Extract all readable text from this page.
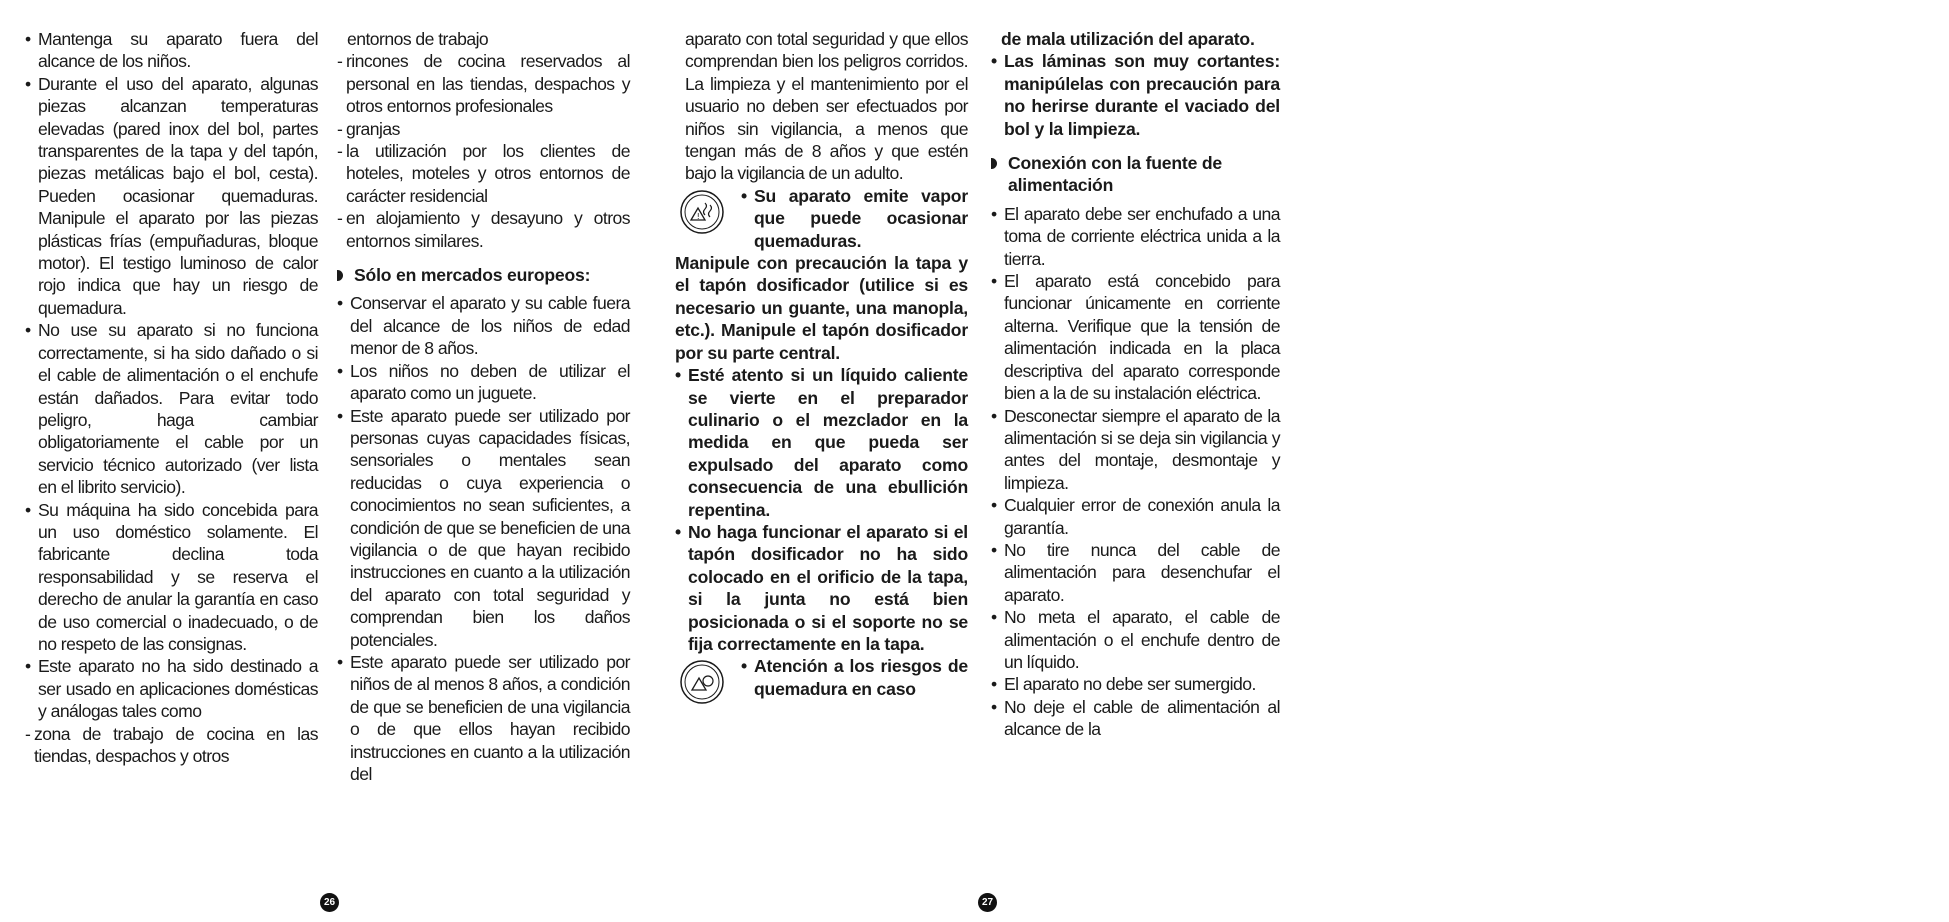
• Mantenga su aparato fuera del alcance de los niños.

• Durante el uso del aparato, algunas piezas alcanzan temperaturas elevadas (pared inox del bol, partes transparentes de la tapa y del tapón, piezas metálicas bajo el bol, cesta). Pueden ocasionar quemaduras. Manipule el aparato por las piezas plásticas frías (empuñaduras, bloque motor). El testigo luminoso de calor rojo indica que hay un riesgo de quemadura.

• No use su aparato si no funciona correctamente, si ha sido dañado o si el cable de alimentación o el enchufe están dañados. Para evitar todo peligro, haga cambiar obligatoriamente el cable por un servicio técnico autorizado (ver lista en el librito servicio).

• Su máquina ha sido concebida para un uso doméstico solamente. El fabricante declina toda responsabilidad y se reserva el derecho de anular la garantía en caso de uso comercial o inadecuado, o de no respeto de las consignas.

• Este aparato no ha sido destinado a ser usado en aplicaciones domésticas y análogas tales como

- zona de trabajo de cocina en las tiendas, despachos y otros

entornos de trabajo

- rincones de cocina reservados al personal en las tiendas, despachos y otros entornos profesionales

- granjas

- la utilización por los clientes de hoteles, moteles y otros entornos de carácter residencial

- en alojamiento y desayuno y otros entornos similares.

Sólo en mercados europeos:

• Conservar el aparato y su cable fuera del alcance de los niños de edad menor de 8 años.

• Los niños no deben de utilizar el aparato como un juguete.

• Este aparato puede ser utilizado por personas cuyas capacidades físicas, sensoriales o mentales sean reducidas o cuya experiencia o conocimientos no sean suficientes, a condición de que se beneficien de una vigilancia o de que hayan recibido instrucciones en cuanto a la utilización del aparato con total seguridad y comprendan bien los daños potenciales.

• Este aparato puede ser utilizado por niños de al menos 8 años, a condición de que se beneficien de una vigilancia o de que ellos hayan recibido instrucciones en cuanto a la utilización del

aparato con total seguridad y que ellos comprendan bien los peligros corridos. La limpieza y el mantenimiento por el usuario no deben ser efectuados por niños sin vigilancia, a menos que tengan más de 8 años y que estén bajo la vigilancia de un adulto.

!

• Su aparato emite vapor que puede ocasionar quemaduras.

Manipule con precaución la tapa y el tapón dosificador (utilice si es necesario un guante, una manopla, etc.). Manipule el tapón dosificador por su parte central.

• Esté atento si un líquido caliente se vierte en el preparador culinario o el mezclador en la medida en que pueda ser expulsado del aparato como consecuencia de una ebullición repentina.

• No haga funcionar el aparato si el tapón dosificador no ha sido colocado en el orificio de la tapa, si la junta no está bien posicionada o si el soporte no se fija correctamente en la tapa.

• Atención a los riesgos de quemadura en caso

de mala utilización del aparato.

• Las láminas son muy cortantes: manipúlelas con precaución para no herirse durante el vaciado del bol y la limpieza.

Conexión con la fuente de alimentación

• El aparato debe ser enchufado a una toma de corriente eléctrica unida a la tierra.

• El aparato está concebido para funcionar únicamente en corriente alterna. Verifique que la tensión de alimentación indicada en la placa descriptiva del aparato corresponde bien a la de su instalación eléctrica.

• Desconectar siempre el aparato de la alimentación si se deja sin vigilancia y antes del montaje, desmontaje y limpieza.

• Cualquier error de conexión anula la garantía.

• No tire nunca del cable de alimentación para desenchufar el aparato.

• No meta el aparato, el cable de alimentación o el enchufe dentro de un líquido.

• El aparato no debe ser sumergido.

• No deje el cable de alimentación al alcance de la

26	27
